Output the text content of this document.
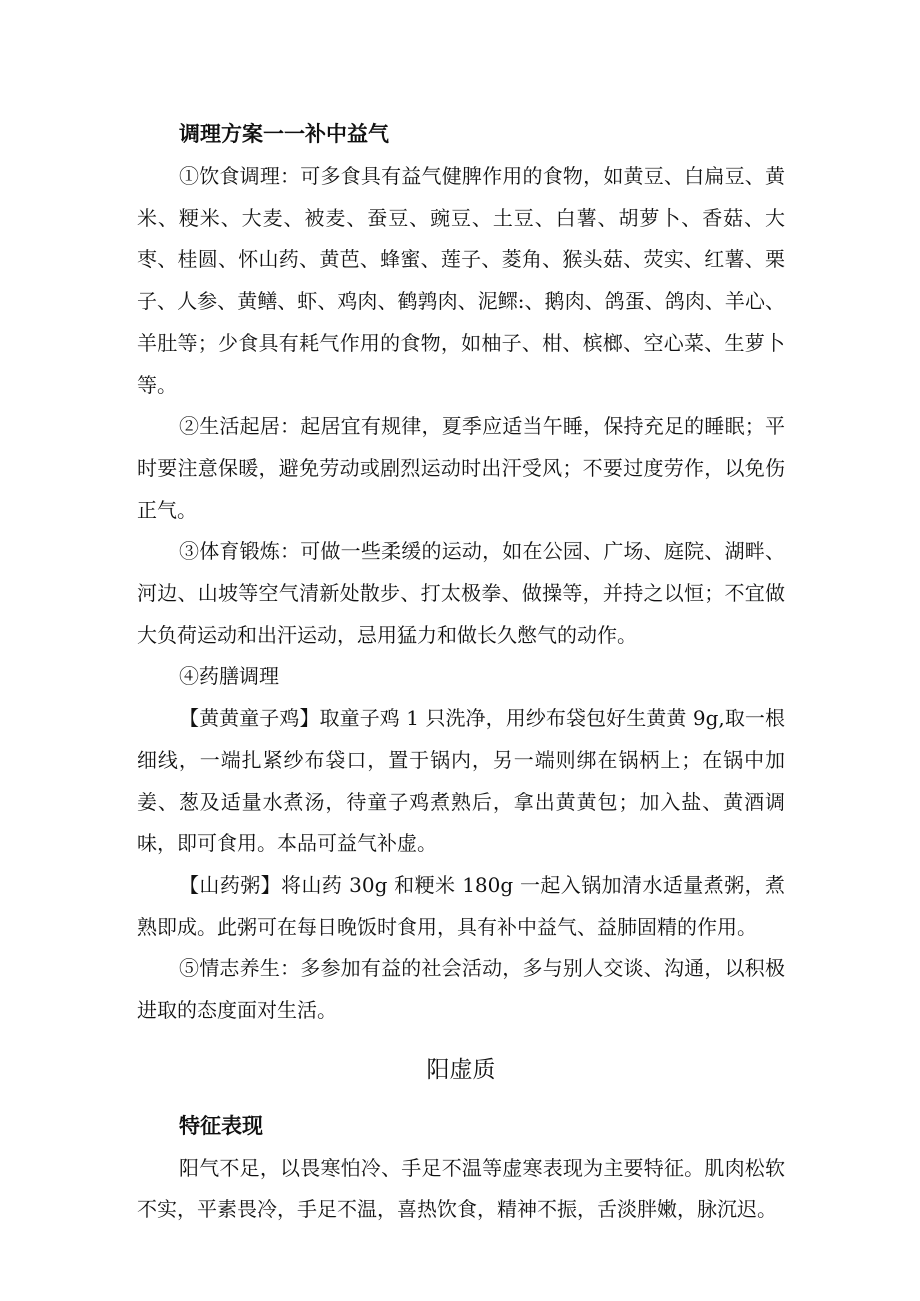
调理方案一一补中益气

①饮食调理：可多食具有益气健脾作用的食物，如黄豆、白扁豆、黄米、粳米、大麦、被麦、蚕豆、豌豆、土豆、白薯、胡萝卜、香菇、大枣、桂圆、怀山药、黄芭、蜂蜜、莲子、菱角、猴头菇、荧实、红薯、栗子、人参、黄鳝、虾、鸡肉、鹤鹑肉、泥鳏:、鹅肉、鸽蛋、鸽肉、羊心、羊肚等；少食具有耗气作用的食物，如柚子、柑、槟榔、空心菜、生萝卜等。

②生活起居：起居宜有规律，夏季应适当午睡，保持充足的睡眠；平时要注意保暖，避免劳动或剧烈运动时出汗受风；不要过度劳作，以免伤正气。

③体育锻炼：可做一些柔缓的运动，如在公园、广场、庭院、湖畔、河边、山坡等空气清新处散步、打太极拳、做操等，并持之以恒；不宜做大负荷运动和出汗运动，忌用猛力和做长久憋气的动作。

④药膳调理

【黄黄童子鸡】取童子鸡 1 只洗净，用纱布袋包好生黄黄 9g,取一根细线，一端扎紧纱布袋口，置于锅内，另一端则绑在锅柄上；在锅中加姜、葱及适量水煮汤，待童子鸡煮熟后，拿出黄黄包；加入盐、黄酒调味，即可食用。本品可益气补虚。

【山药粥】将山药 30g 和粳米 180g 一起入锅加清水适量煮粥，煮熟即成。此粥可在每日晚饭时食用，具有补中益气、益肺固精的作用。

⑤情志养生：多参加有益的社会活动，多与别人交谈、沟通，以积极进取的态度面对生活。

阳虚质

特征表现

阳气不足，以畏寒怕冷、手足不温等虚寒表现为主要特征。肌肉松软不实，平素畏冷，手足不温，喜热饮食，精神不振，舌淡胖嫩，脉沉迟。
